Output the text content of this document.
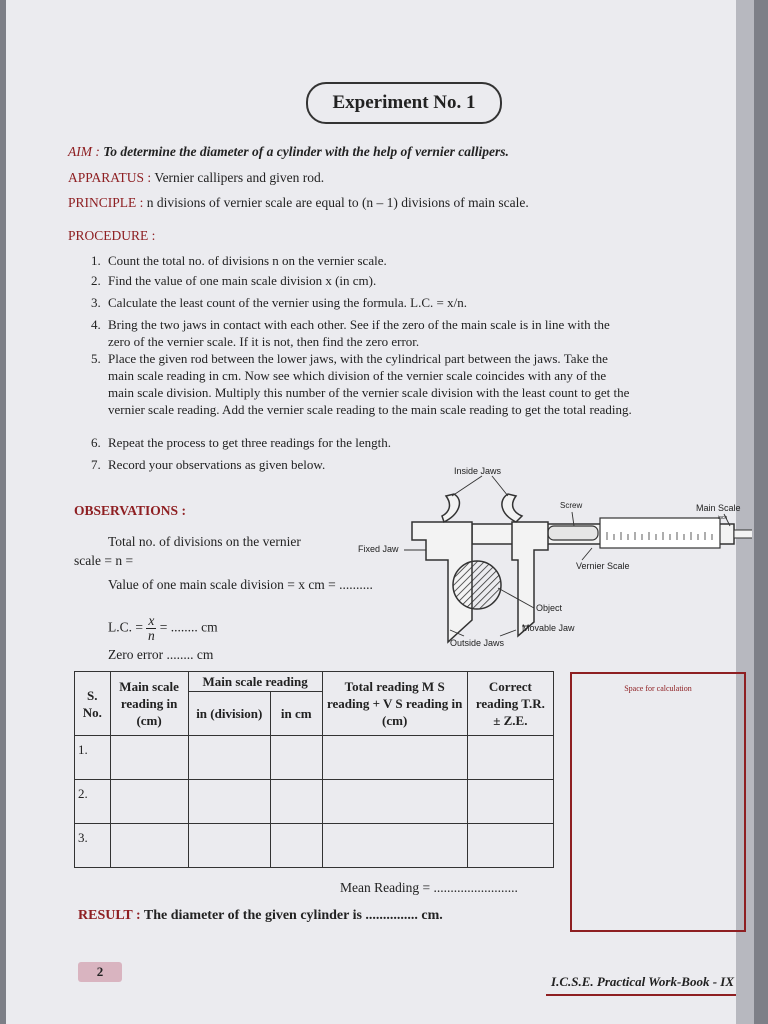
Experiment No. 1
AIM : To determine the diameter of a cylinder with the help of vernier callipers.
APPARATUS : Vernier callipers and given rod.
PRINCIPLE : n divisions of vernier scale are equal to (n – 1) divisions of main scale.
PROCEDURE :
1. Count the total no. of divisions n on the vernier scale.
2. Find the value of one main scale division x (in cm).
3. Calculate the least count of the vernier using the formula. L.C. = x/n.
4. Bring the two jaws in contact with each other. See if the zero of the main scale is in line with the
zero of the vernier scale. If it is not, then find the zero error.
5. Place the given rod between the lower jaws, with the cylindrical part between the jaws. Take the
main scale reading in cm. Now see which division of the vernier scale coincides with any of the
main scale division. Multiply this number of the vernier scale division with the least count to get the
vernier scale reading. Add the vernier scale reading to the main scale reading to get the total reading.
6. Repeat the process to get three readings for the length.
7. Record your observations as given below.
OBSERVATIONS :
Total no. of divisions on the vernier
scale = n =
Value of one main scale division = x cm = ..........
L.C. = $\frac{x}{n}$ = ........ cm
Zero error ........ cm
Inside Jaws
Screw	Main Scale
inch
Fixed Jaw
Vernier Scale
Object
Movable Jaw
Outside Jaws
S. No.	Main scale reading in (cm)	Main scale reading		Total reading M S reading + V S reading in (cm)	Correct reading T.R. ± Z.E.
		in (division)	in cm		
1.					
2.					
3.					
Space for calculation
Mean Reading = .........................
RESULT : The diameter of the given cylinder is ............... cm.
2
I.C.S.E. Practical Work-Book - IX
